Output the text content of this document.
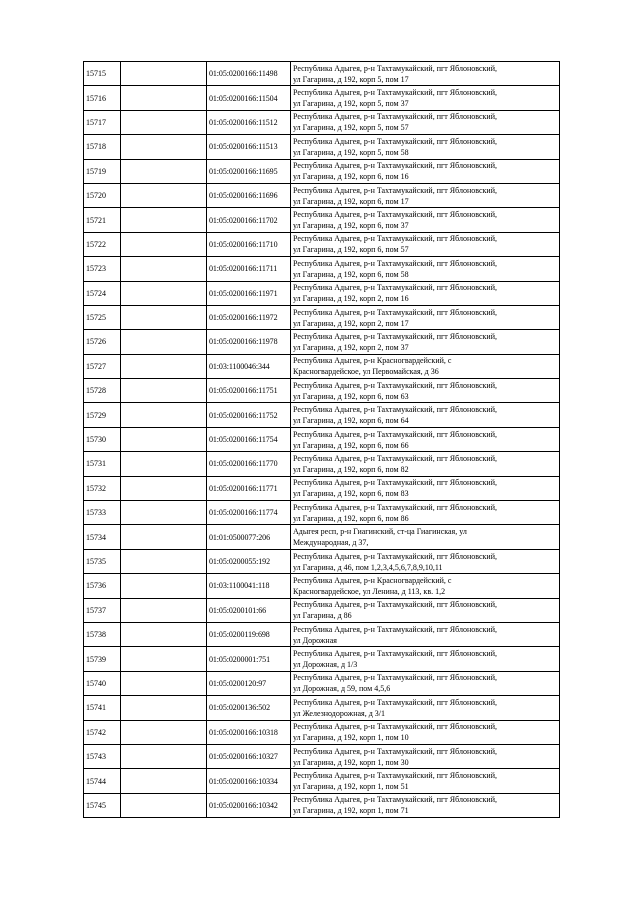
15715		01:05:0200166:11498	Республика Адыгея, р-н Тахтамукайский, пгт Яблоновский,
ул Гагарина, д 192, корп 5, пом 17

15716		01:05:0200166:11504	Республика Адыгея, р-н Тахтамукайский, пгт Яблоновский,
ул Гагарина, д 192, корп 5, пом 37

15717		01:05:0200166:11512	Республика Адыгея, р-н Тахтамукайский, пгт Яблоновский,
ул Гагарина, д 192, корп 5, пом 57

15718		01:05:0200166:11513	Республика Адыгея, р-н Тахтамукайский, пгт Яблоновский,
ул Гагарина, д 192, корп 5, пом 58

15719		01:05:0200166:11695	Республика Адыгея, р-н Тахтамукайский, пгт Яблоновский,
ул Гагарина, д 192, корп 6, пом 16

15720		01:05:0200166:11696	Республика Адыгея, р-н Тахтамукайский, пгт Яблоновский,
ул Гагарина, д 192, корп 6, пом 17

15721		01:05:0200166:11702	Республика Адыгея, р-н Тахтамукайский, пгт Яблоновский,
ул Гагарина, д 192, корп 6, пом 37

15722		01:05:0200166:11710	Республика Адыгея, р-н Тахтамукайский, пгт Яблоновский,
ул Гагарина, д 192, корп 6, пом 57

15723		01:05:0200166:11711	Республика Адыгея, р-н Тахтамукайский, пгт Яблоновский,
ул Гагарина, д 192, корп 6, пом 58

15724		01:05:0200166:11971	Республика Адыгея, р-н Тахтамукайский, пгт Яблоновский,
ул Гагарина, д 192, корп 2, пом 16

15725		01:05:0200166:11972	Республика Адыгея, р-н Тахтамукайский, пгт Яблоновский,
ул Гагарина, д 192, корп 2, пом 17

15726		01:05:0200166:11978	Республика Адыгея, р-н Тахтамукайский, пгт Яблоновский,
ул Гагарина, д 192, корп 2, пом 37

15727		01:03:1100046:344	Республика Адыгея, р-н Красногвардейский, с
Красногвардейское, ул Первомайская, д 36

15728		01:05:0200166:11751	Республика Адыгея, р-н Тахтамукайский, пгт Яблоновский,
ул Гагарина, д 192, корп 6, пом 63

15729		01:05:0200166:11752	Республика Адыгея, р-н Тахтамукайский, пгт Яблоновский,
ул Гагарина, д 192, корп 6, пом 64

15730		01:05:0200166:11754	Республика Адыгея, р-н Тахтамукайский, пгт Яблоновский,
ул Гагарина, д 192, корп 6, пом 66

15731		01:05:0200166:11770	Республика Адыгея, р-н Тахтамукайский, пгт Яблоновский,
ул Гагарина, д 192, корп 6, пом 82

15732		01:05:0200166:11771	Республика Адыгея, р-н Тахтамукайский, пгт Яблоновский,
ул Гагарина, д 192, корп 6, пом 83

15733		01:05:0200166:11774	Республика Адыгея, р-н Тахтамукайский, пгт Яблоновский,
ул Гагарина, д 192, корп 6, пом 86

15734		01:01:0500077:206	Адыгея респ, р-н Гиагинский, ст-ца Гиагинская, ул
Международная, д 37,

15735		01:05:0200055:192	Республика Адыгея, р-н Тахтамукайский, пгт Яблоновский,
ул Гагарина, д 46, пом 1,2,3,4,5,6,7,8,9,10,11

15736		01:03:1100041:118	Республика Адыгея, р-н Красногвардейский, с
Красногвардейское, ул Ленина, д 113, кв. 1,2

15737		01:05:0200101:66	Республика Адыгея, р-н Тахтамукайский, пгт Яблоновский,
ул Гагарина, д 86

15738		01:05:0200119:698	Республика Адыгея, р-н Тахтамукайский, пгт Яблоновский,
ул Дорожная

15739		01:05:0200001:751	Республика Адыгея, р-н Тахтамукайский, пгт Яблоновский,
ул Дорожная, д 1/3

15740		01:05:0200120:97	Республика Адыгея, р-н Тахтамукайский, пгт Яблоновский,
ул Дорожная, д 59, пом 4,5,6

15741		01:05:0200136:502	Республика Адыгея, р-н Тахтамукайский, пгт Яблоновский,
ул Железнодорожная, д 3/1

15742		01:05:0200166:10318	Республика Адыгея, р-н Тахтамукайский, пгт Яблоновский,
ул Гагарина, д 192, корп 1, пом 10

15743		01:05:0200166:10327	Республика Адыгея, р-н Тахтамукайский, пгт Яблоновский,
ул Гагарина, д 192, корп 1, пом 30

15744		01:05:0200166:10334	Республика Адыгея, р-н Тахтамукайский, пгт Яблоновский,
ул Гагарина, д 192, корп 1, пом 51

15745		01:05:0200166:10342	Республика Адыгея, р-н Тахтамукайский, пгт Яблоновский,
ул Гагарина, д 192, корп 1, пом 71
